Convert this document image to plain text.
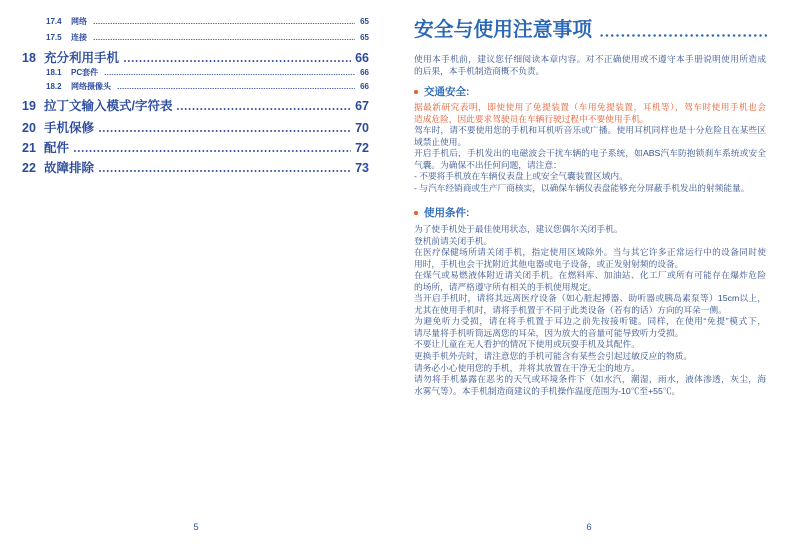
17.4	网络	65
17.5	连接	65
18 充分利用手机	66
18.1	PC套件	66
18.2	网络摄像头	66
19 拉丁文输入模式/字符表	67
20 手机保修	70
21 配件	72
22 故障排除	73
5
安全与使用注意事项
使用本手机前，建议您仔细阅读本章内容。对不正确使用或不遵守本手册说明使用所造成
的后果，本手机制造商概不负责。
交通安全:
据最新研究表明，即使使用了免提装置（车用免提装置，耳机等），驾车时使用手机也会
造成危险，因此要求驾驶员在车辆行驶过程中不要使用手机。
驾车时，请不要使用您的手机和耳机听音乐或广播。使用耳机同样也是十分危险且在某些区
域禁止使用。
开启手机后，手机发出的电磁波会干扰车辆的电子系统，如ABS汽车防抱锁刹车系统或安全
气囊。为确保不出任何问题，请注意：
- 不要将手机放在车辆仪表盘上或安全气囊装置区域内。
- 与汽车经销商或生产厂商核实，以确保车辆仪表盘能够充分屏蔽手机发出的射频能量。
使用条件:
为了使手机处于最佳使用状态，建议您偶尔关闭手机。
登机前请关闭手机。
在医疗保健场所请关闭手机，指定使用区域除外。当与其它许多正常运行中的设备同时使
用时，手机也会干扰附近其他电器或电子设备，或正发射射频的设备。
在煤气或易燃液体附近请关闭手机。在燃料库、加油站、化工厂或所有可能存在爆炸危险
的场所，请严格遵守所有相关的手机使用规定。
当开启手机时，请将其远离医疗设备（如心脏起搏器、助听器或胰岛素泵等）15cm以上，
尤其在使用手机时，请将手机置于不同于此类设备（若有的话）方向的耳朵一侧。
为避免听力受损，请在将手机置于耳边之前先按接听键。同样，在使用“免提”模式下，
请尽量将手机听筒远离您的耳朵，因为放大的音量可能导致听力受损。
不要让儿童在无人看护的情况下使用或玩耍手机及其配件。
更换手机外壳时，请注意您的手机可能含有某些会引起过敏反应的物质。
请务必小心使用您的手机，并将其放置在干净无尘的地方。
请勿将手机暴露在恶劣的天气或环境条件下（如水汽，潮湿，雨水，液体渗透，灰尘，海
水雾气等）。本手机制造商建议的手机操作温度范围为-10℃至+55℃。
6
